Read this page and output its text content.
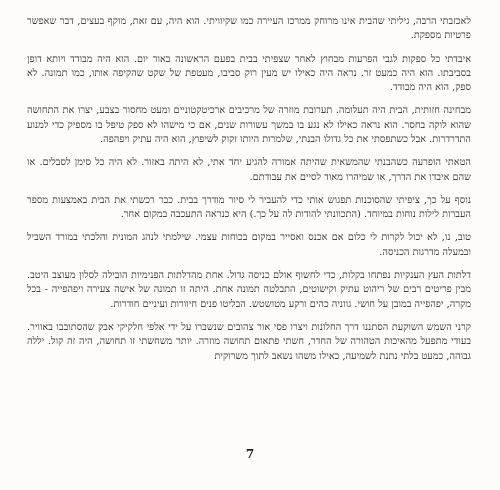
לאכזבתי הרבה, גיליתי שהבית אינו מרוחק ממרכז העיירה כמו שקיוויתי. הוא היה, עם זאת, מוקף בעצים, דבר שאפשר פרטיות מספקת.

איבדתי כל ספקות לגבי הפרעות מבחוץ לאחר שצפיתי בבית בפעם הראשונה באור יום. הוא היה מבודד ויותא דופן בסביבתו. הוא היה כמעט זר. נראה היה כאילו יש מעין רוק סביבו, מעטפת של שקט שהקיפה אותו, כמו תמונה. לא ספק, הוא היה מבודד.

מבחינה חזותית, הבית היה תעלומה. תערובת מוזרה של מרכיבים ארכיטקטוניים ומעט מחסור בצבע, יצרו את התחושה שהוא לוקה בחסר. הוא נראה כאילו לא נגע בו במשך עשורות שנים, אם כי מישהו לא ספק טיפל בו מספיק כדי למנוע התדרדרות. אבל כשתפסתי את כל גדולו הבנתי, שלמרות היותו זקוק לשיפוץ, הוא היה עתיק ויפהפה.

הטאתי הופרעה כשהבנתי שהמשאית שהיתה אמורה להגיע יחד אתי, לא היתה באזור. לא היה כל סימן לסבלים. או שהם איבדו את הדרך, או שמיהרו מאוד לסיים את עבודתם.

נוסף על כך, ציפיתי שהסוכנות תפגוש אותי כדי להעביר לי סיור מודרך בבית. כבר רכשתי את הבית באמצעות מספר העברות לילות נוחות במיוחד. (התכוונתי להודות לה על כך.) היא כנראה התעכבה במקום אחר.

טוב, נו, לא יכול לקרות לי כלום אם אכנס ואסייר במקום בכוחות עצמי. שילמתי לנהג המונית והלכתי במורד השביל ובמעלה מדרגות הכניסה.

דלתות העץ הענקיות נפתחו בקלות, כדי לחשוף אולם כניסה גדול. אחת מהדלתות הפנימיות הובילה לסלון מעוצב היטב. מבין פריטים רבים של ריהוט עתיק וקישוטים, התבלטה תמונה אחת. היתה זו תמונה של אישה צעירה ויפהפייה - בכל מקרה, יפהפייה במובן על חושי. גווניה כהים ורקע מטושטש. הבליטו פנים חיוורות ועיניים חודרות.

קרני השמש השוקעת הסתננו דרך החלונות ויצרו פסי אור צהובים שנשברו על ידי אלפי חלקיקי אבק שהסתובבו באוויר. בעודי מתפעל מהאיכות הטהורה של החדר, חשתי פתאום תחושה מוזרה. יותר משחשתי זו תחושה, היה זה קול. יללה גבוהה, כמעט בלתי נתנת לשמיעה, כאילו משהו נשאב לתוך משרוקית

7
